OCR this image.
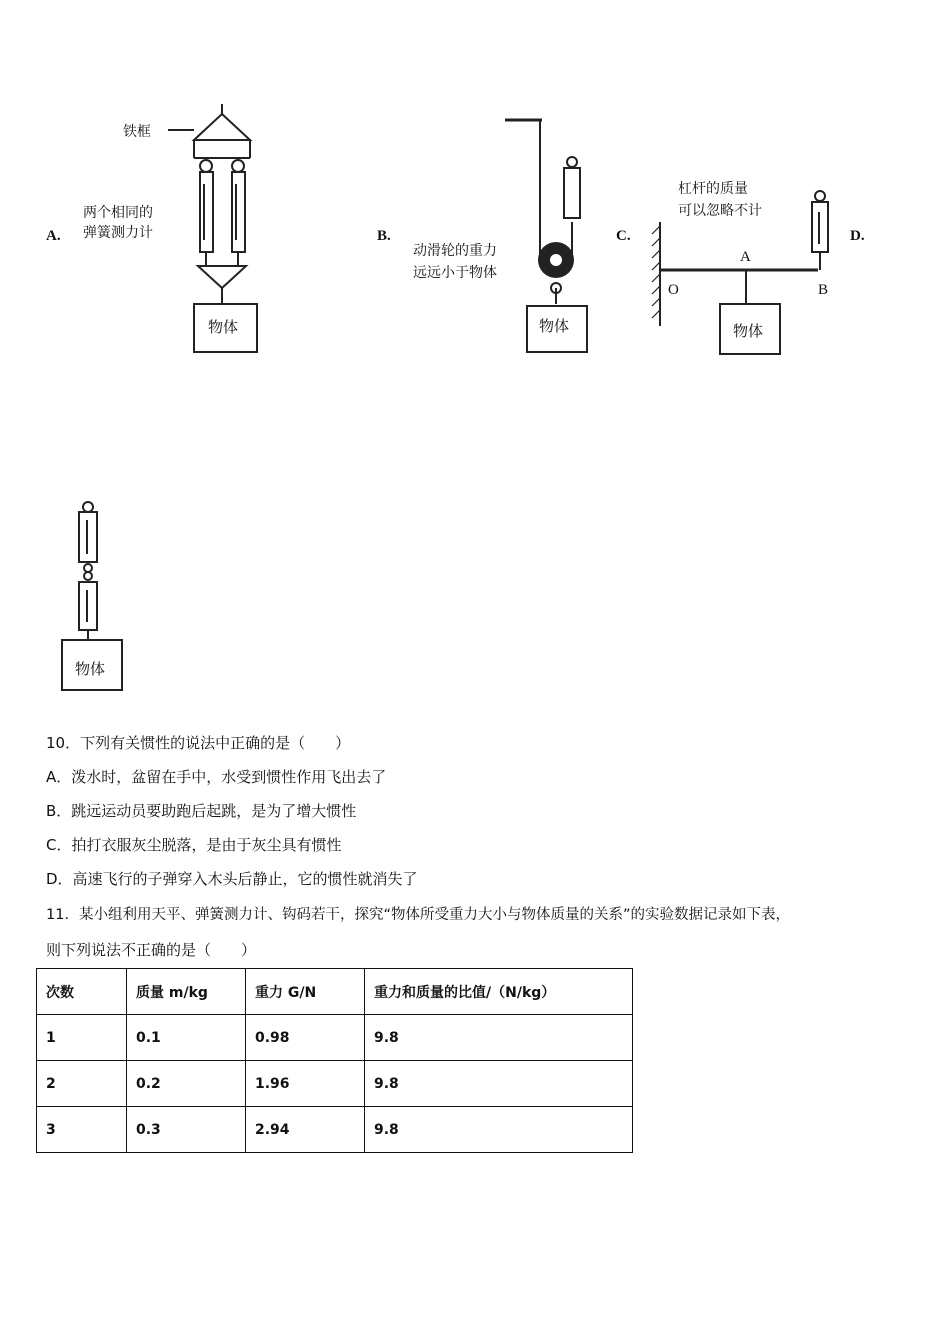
A.	B.	C.	D.
铁框
两个相同的
弹簧测力计
物体
动滑轮的重力
远远小于物体
物体
杠杆的质量
可以忽略不计
A
O	B
物体
物体
10．下列有关惯性的说法中正确的是（　　）
A．泼水时，盆留在手中，水受到惯性作用飞出去了
B．跳远运动员要助跑后起跳，是为了增大惯性
C．拍打衣服灰尘脱落，是由于灰尘具有惯性
D．高速飞行的子弹穿入木头后静止，它的惯性就消失了
11．某小组利用天平、弹簧测力计、钩码若干，探究“物体所受重力大小与物体质量的关系”的实验数据记录如下表，
则下列说法不正确的是（　　）
次数	质量 m/kg	重力 G/N	重力和质量的比值/（N/kg）
1	0.1	0.98	9.8
2	0.2	1.96	9.8
3	0.3	2.94	9.8
